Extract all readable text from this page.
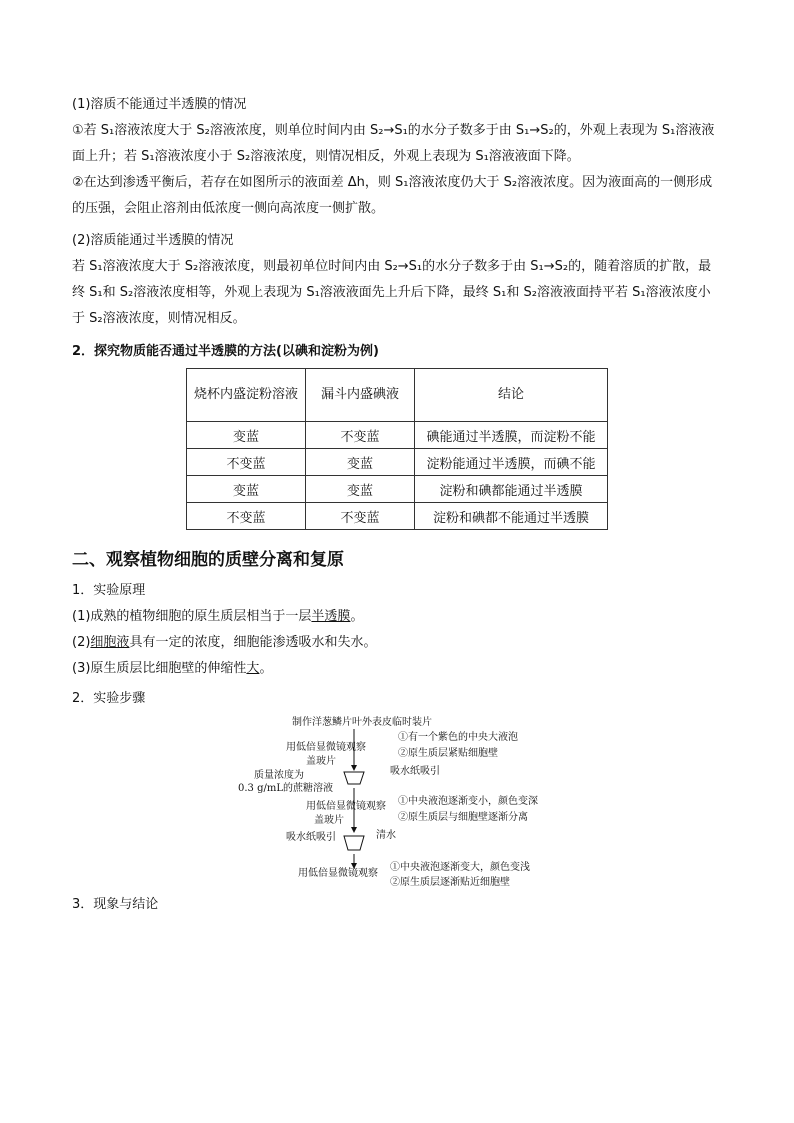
(1)溶质不能通过半透膜的情况

①若 S₁溶液浓度大于 S₂溶液浓度，则单位时间内由 S₂→S₁的水分子数多于由 S₁→S₂的，外观上表现为 S₁溶液液面上升；若 S₁溶液浓度小于 S₂溶液浓度，则情况相反，外观上表现为 S₁溶液液面下降。

②在达到渗透平衡后，若存在如图所示的液面差 Δh，则 S₁溶液浓度仍大于 S₂溶液浓度。因为液面高的一侧形成的压强，会阻止溶剂由低浓度一侧向高浓度一侧扩散。

(2)溶质能通过半透膜的情况

若 S₁溶液浓度大于 S₂溶液浓度，则最初单位时间内由 S₂→S₁的水分子数多于由 S₁→S₂的，随着溶质的扩散，最终 S₁和 S₂溶液浓度相等，外观上表现为 S₁溶液液面先上升后下降，最终 S₁和 S₂溶液液面持平若 S₁溶液浓度小于 S₂溶液浓度，则情况相反。

2．探究物质能否通过半透膜的方法(以碘和淀粉为例)
烧杯内盛淀粉溶液	漏斗内盛碘液	结论
变蓝	不变蓝	碘能通过半透膜，而淀粉不能
不变蓝	变蓝	淀粉能通过半透膜，而碘不能
变蓝	变蓝	淀粉和碘都能通过半透膜
不变蓝	不变蓝	淀粉和碘都不能通过半透膜
二、观察植物细胞的质壁分离和复原

1．实验原理

(1)成熟的植物细胞的原生质层相当于一层半透膜。

(2)细胞液具有一定的浓度，细胞能渗透吸水和失水。

(3)原生质层比细胞壁的伸缩性大。

2．实验步骤

制作洋葱鳞片叶外表皮临时装片
用低倍显微镜观察
①有一个紫色的中央大液泡
②原生质层紧贴细胞壁
盖玻片
吸水纸吸引
质量浓度为
0.3 g/mL的蔗糖溶液
用低倍显微镜观察 ①中央液泡逐渐变小，颜色变深
②原生质层与细胞壁逐渐分离
盖玻片
吸水纸吸引	清水
用低倍显微镜观察
①中央液泡逐渐变大，颜色变浅
②原生质层逐渐贴近细胞壁

3．现象与结论
